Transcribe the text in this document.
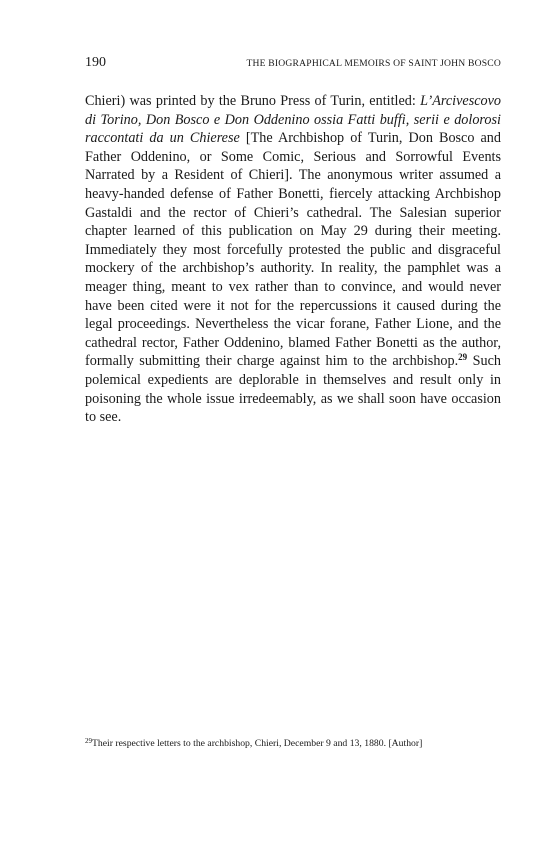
190	THE BIOGRAPHICAL MEMOIRS OF SAINT JOHN BOSCO

Chieri) was printed by the Bruno Press of Turin, entitled: L’Arcivescovo di Torino, Don Bosco e Don Oddenino ossia Fatti buffi, serii e dolorosi raccontati da un Chierese [The Archbishop of Turin, Don Bosco and Father Oddenino, or Some Comic, Serious and Sorrowful Events Narrated by a Resident of Chieri]. The anonymous writer assumed a heavy-handed defense of Father Bonetti, fiercely attacking Archbishop Gastaldi and the rector of Chieri’s cathedral. The Salesian superior chapter learned of this publication on May 29 during their meeting. Immediately they most forcefully protested the public and disgraceful mockery of the archbishop’s authority. In reality, the pamphlet was a meager thing, meant to vex rather than to convince, and would never have been cited were it not for the repercussions it caused during the legal proceedings. Nevertheless the vicar forane, Father Lione, and the cathedral rector, Father Oddenino, blamed Father Bonetti as the author, formally submitting their charge against him to the archbishop.$^{29}$ Such polemical expedients are deplorable in themselves and result only in poisoning the whole issue irredeemably, as we shall soon have occasion to see.

$^{29}$Their respective letters to the archbishop, Chieri, December 9 and 13, 1880. [Author]
